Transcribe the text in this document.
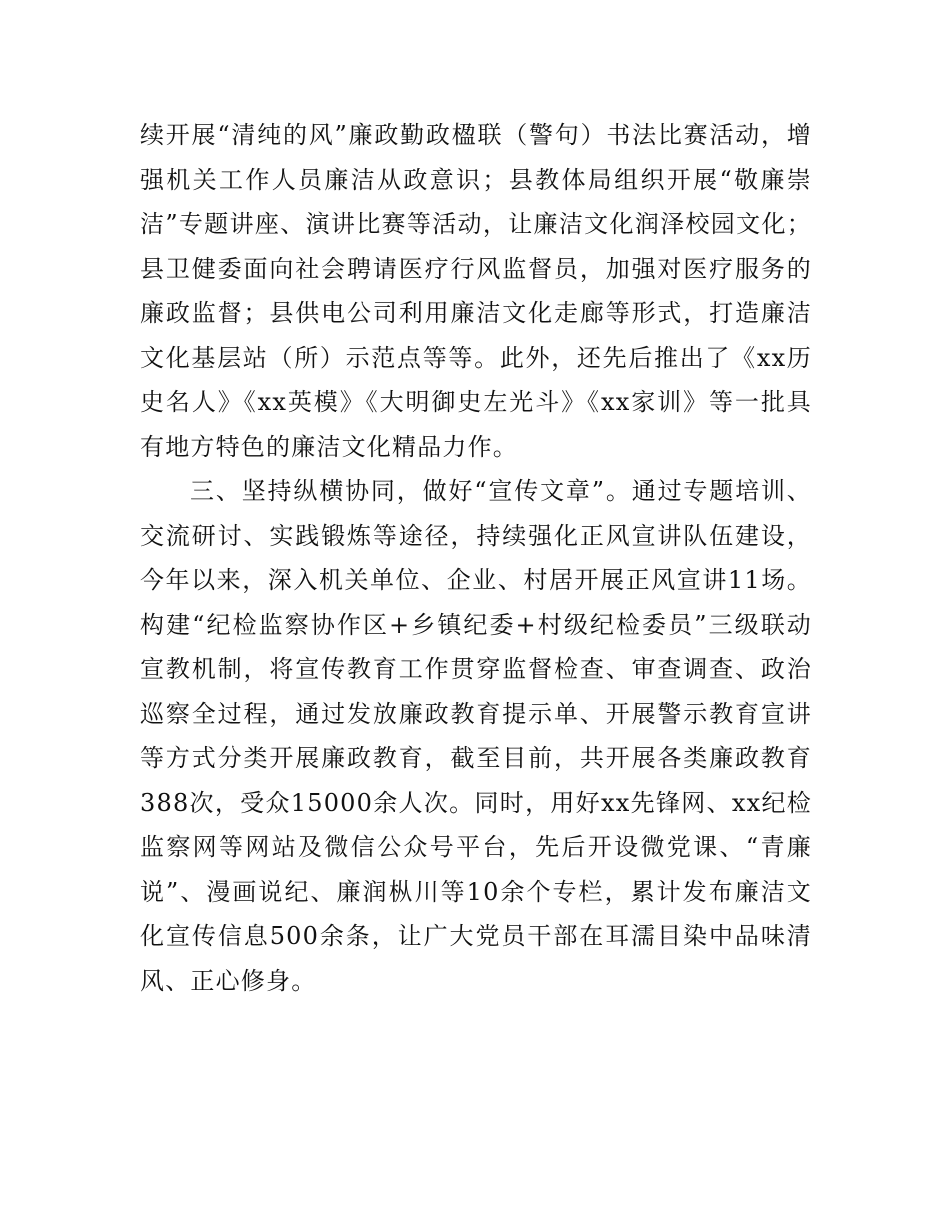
续开展“清纯的风”廉政勤政楹联（警句）书法比赛活动，增强机关工作人员廉洁从政意识；县教体局组织开展“敬廉崇洁”专题讲座、演讲比赛等活动，让廉洁文化润泽校园文化；县卫健委面向社会聘请医疗行风监督员，加强对医疗服务的廉政监督；县供电公司利用廉洁文化走廊等形式，打造廉洁文化基层站（所）示范点等等。此外，还先后推出了《xx历史名人》《xx英模》《大明御史左光斗》《xx家训》等一批具有地方特色的廉洁文化精品力作。

三、坚持纵横协同，做好“宣传文章”。通过专题培训、交流研讨、实践锻炼等途径，持续强化正风宣讲队伍建设，今年以来，深入机关单位、企业、村居开展正风宣讲11场。构建“纪检监察协作区+乡镇纪委+村级纪检委员”三级联动宣教机制，将宣传教育工作贯穿监督检查、审查调查、政治巡察全过程，通过发放廉政教育提示单、开展警示教育宣讲等方式分类开展廉政教育，截至目前，共开展各类廉政教育388次，受众15000余人次。同时，用好xx先锋网、xx纪检监察网等网站及微信公众号平台，先后开设微党课、“青廉说”、漫画说纪、廉润枞川等10余个专栏，累计发布廉洁文化宣传信息500余条，让广大党员干部在耳濡目染中品味清风、正心修身。
